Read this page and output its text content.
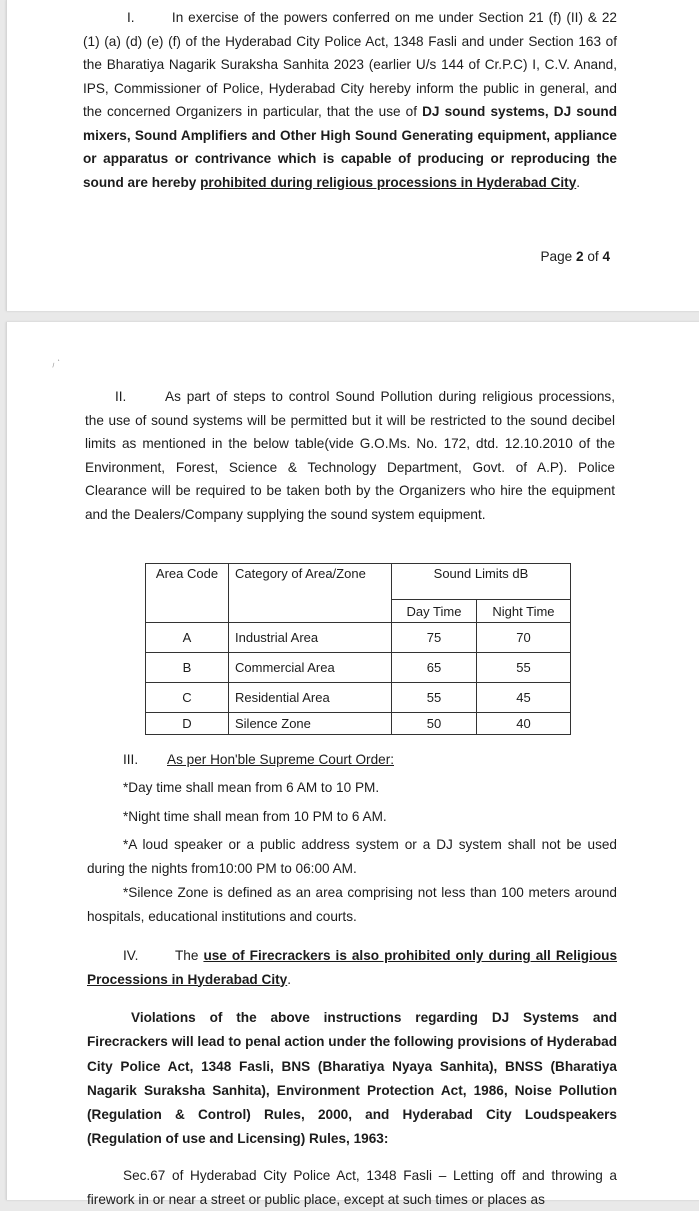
I.	In exercise of the powers conferred on me under Section 21 (f) (II) & 22 (1) (a) (d) (e) (f) of the Hyderabad City Police Act, 1348 Fasli and under Section 163 of the Bharatiya Nagarik Suraksha Sanhita 2023 (earlier U/s 144 of Cr.P.C) I, C.V. Anand, IPS, Commissioner of Police, Hyderabad City hereby inform the public in general, and the concerned Organizers in particular, that the use of DJ sound systems, DJ sound mixers, Sound Amplifiers and Other High Sound Generating equipment, appliance or apparatus or contrivance which is capable of producing or reproducing the sound are hereby prohibited during religious processions in Hyderabad City.

Page 2 of 4
⸝ ·

II.	As part of steps to control Sound Pollution during religious processions, the use of sound systems will be permitted but it will be restricted to the sound decibel limits as mentioned in the below table(vide G.O.Ms. No. 172, dtd. 12.10.2010 of the Environment, Forest, Science & Technology Department, Govt. of A.P). Police Clearance will be required to be taken both by the Organizers who hire the equipment and the Dealers/Company supplying the sound system equipment.

Area Code	Category of Area/Zone	Sound Limits dB	
		Day Time	Night Time
A	Industrial Area	75	70
B	Commercial Area	65	55
C	Residential Area	55	45
D	Silence Zone	50	40
III. As per Hon'ble Supreme Court Order:
*Day time shall mean from 6 AM to 10 PM.
*Night time shall mean from 10 PM to 6 AM.

*A loud speaker or a public address system or a DJ system shall not be used during the nights from10:00 PM to 06:00 AM.

*Silence Zone is defined as an area comprising not less than 100 meters around hospitals, educational institutions and courts.

IV.	The use of Firecrackers is also prohibited only during all Religious Processions in Hyderabad City.

Violations of the above instructions regarding DJ Systems and Firecrackers will lead to penal action under the following provisions of Hyderabad City Police Act, 1348 Fasli, BNS (Bharatiya Nyaya Sanhita), BNSS (Bharatiya Nagarik Suraksha Sanhita), Environment Protection Act, 1986, Noise Pollution (Regulation & Control) Rules, 2000, and Hyderabad City Loudspeakers (Regulation of use and Licensing) Rules, 1963:

Sec.67 of Hyderabad City Police Act, 1348 Fasli – Letting off and throwing a firework in or near a street or public place, except at such times or places as
